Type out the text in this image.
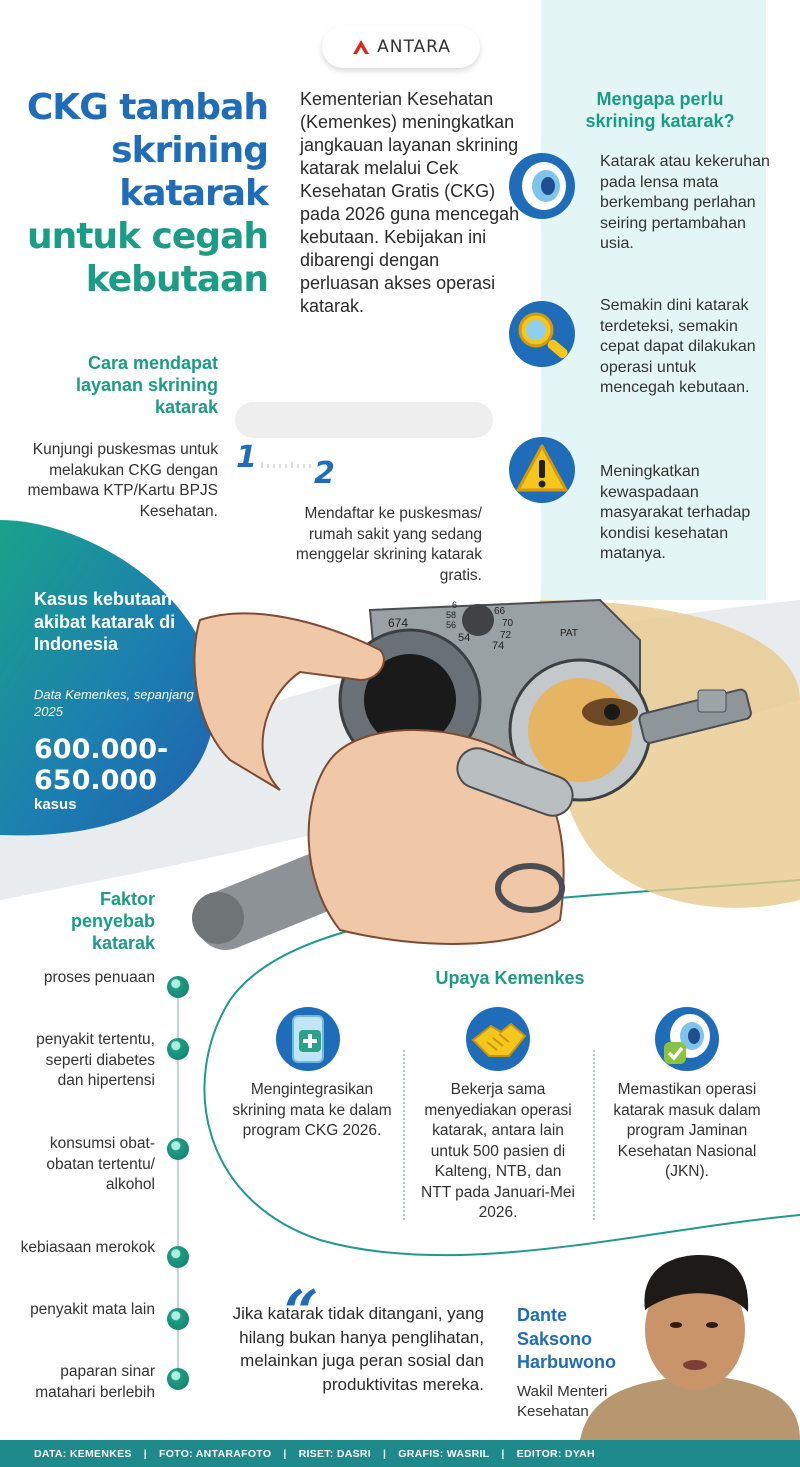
674
66
70
72
74
54
56
58
6
PAT
ANTARA
CKG tambah
skrining
katarak
untuk cegah
kebutaan
Kementerian Kesehatan (Kemenkes) meningkatkan jangkauan layanan skrining katarak melalui Cek Kesehatan Gratis (CKG) pada 2026 guna mencegah kebutaan. Kebijakan ini dibarengi dengan perluasan akses operasi katarak.
Mengapa perlu skrining katarak?
Katarak atau kekeruhan pada lensa mata berkembang perlahan seiring pertambahan usia.
Semakin dini katarak terdeteksi, semakin cepat dapat dilakukan operasi untuk mencegah kebutaan.
Meningkatkan kewaspadaan masyarakat terhadap kondisi kesehatan matanya.
Cara mendapat layanan skrining katarak
1
Kunjungi puskesmas untuk melakukan CKG dengan membawa KTP/Kartu BPJS Kesehatan.
2
Mendaftar ke puskesmas/ rumah sakit yang sedang menggelar skrining katarak gratis.
Kasus kebutaan akibat katarak di Indonesia
Data Kemenkes, sepanjang 2025
600.000-
650.000
kasus
Faktor penyebab katarak
proses penuaan
penyakit tertentu, seperti diabetes dan hipertensi
konsumsi obat-obatan tertentu/ alkohol
kebiasaan merokok
penyakit mata lain
paparan sinar matahari berlebih
Upaya Kemenkes
Mengintegrasikan skrining mata ke dalam program CKG 2026.
Bekerja sama menyediakan operasi katarak, antara lain untuk 500 pasien di Kalteng, NTB, dan NTT pada Januari-Mei 2026.
Memastikan operasi katarak masuk dalam program Jaminan Kesehatan Nasional (JKN).
“
Jika katarak tidak ditangani, yang hilang bukan hanya penglihatan, melainkan juga peran sosial dan produktivitas mereka.
Dante
Saksono
Harbuwono
Wakil Menteri Kesehatan
DATA: KEMENKES | FOTO: ANTARAFOTO | RISET: DASRI | GRAFIS: WASRIL | EDITOR: DYAH
